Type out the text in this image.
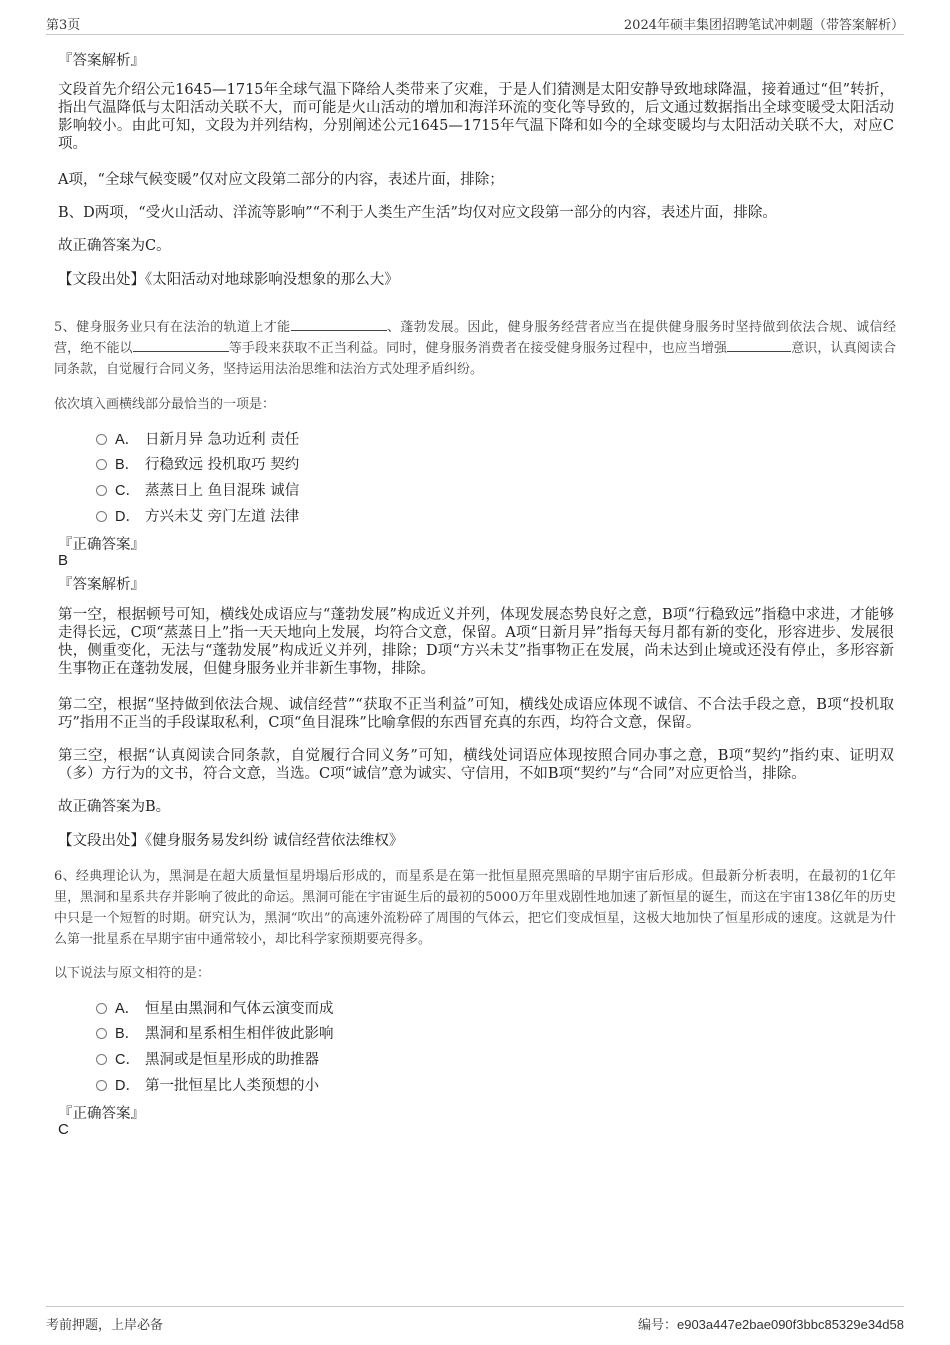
第3页	2024年硕丰集团招聘笔试冲刺题（带答案解析）
『答案解析』
文段首先介绍公元1645—1715年全球气温下降给人类带来了灾难，于是人们猜测是太阳安静导致地球降温，接着通过“但”转折，指出气温降低与太阳活动关联不大，而可能是火山活动的增加和海洋环流的变化等导致的，后文通过数据指出全球变暖受太阳活动影响较小。由此可知，文段为并列结构，分别阐述公元1645—1715年气温下降和如今的全球变暖均与太阳活动关联不大，对应C项。
A项，“全球气候变暖”仅对应文段第二部分的内容，表述片面，排除；
B、D两项，“受火山活动、洋流等影响”“不利于人类生产生活”均仅对应文段第一部分的内容，表述片面，排除。
故正确答案为C。
【文段出处】《太阳活动对地球影响没想象的那么大》
5、健身服务业只有在法治的轨道上才能	、蓬勃发展。因此，健身服务经营者应当在提供健身服务时坚持做到依法合规、诚信经营，绝不能以	等手段来获取不正当利益。同时，健身服务消费者在接受健身服务过程中，也应当增强	意识，认真阅读合同条款，自觉履行合同义务，坚持运用法治思维和法治方式处理矛盾纠纷。
依次填入画横线部分最恰当的一项是：
A． 日新月异 急功近利 责任
B． 行稳致远 投机取巧 契约
C． 蒸蒸日上 鱼目混珠 诚信
D． 方兴未艾 旁门左道 法律
『正确答案』
B
『答案解析』
第一空，根据顿号可知，横线处成语应与“蓬勃发展”构成近义并列，体现发展态势良好之意，B项“行稳致远”指稳中求进，才能够走得长远，C项“蒸蒸日上”指一天天地向上发展，均符合文意，保留。A项“日新月异”指每天每月都有新的变化，形容进步、发展很快，侧重变化，无法与“蓬勃发展”构成近义并列，排除；D项“方兴未艾”指事物正在发展，尚未达到止境或还没有停止，多形容新生事物正在蓬勃发展，但健身服务业并非新生事物，排除。
第二空，根据“坚持做到依法合规、诚信经营”“获取不正当利益”可知，横线处成语应体现不诚信、不合法手段之意，B项“投机取巧”指用不正当的手段谋取私利，C项“鱼目混珠”比喻拿假的东西冒充真的东西，均符合文意，保留。
第三空，根据“认真阅读合同条款，自觉履行合同义务”可知，横线处词语应体现按照合同办事之意，B项“契约”指约束、证明双（多）方行为的文书，符合文意，当选。C项“诚信”意为诚实、守信用，不如B项“契约”与“合同”对应更恰当，排除。
故正确答案为B。
【文段出处】《健身服务易发纠纷 诚信经营依法维权》
6、经典理论认为，黑洞是在超大质量恒星坍塌后形成的，而星系是在第一批恒星照亮黑暗的早期宇宙后形成。但最新分析表明，在最初的1亿年里，黑洞和星系共存并影响了彼此的命运。黑洞可能在宇宙诞生后的最初的5000万年里戏剧性地加速了新恒星的诞生，而这在宇宙138亿年的历史中只是一个短暂的时期。研究认为，黑洞“吹出”的高速外流粉碎了周围的气体云，把它们变成恒星，这极大地加快了恒星形成的速度。这就是为什么第一批星系在早期宇宙中通常较小，却比科学家预期要亮得多。
以下说法与原文相符的是：
A． 恒星由黑洞和气体云演变而成
B． 黑洞和星系相生相伴彼此影响
C． 黑洞或是恒星形成的助推器
D． 第一批恒星比人类预想的小
『正确答案』
C
考前押题，上岸必备	编号：e903a447e2bae090f3bbc85329e34d58
